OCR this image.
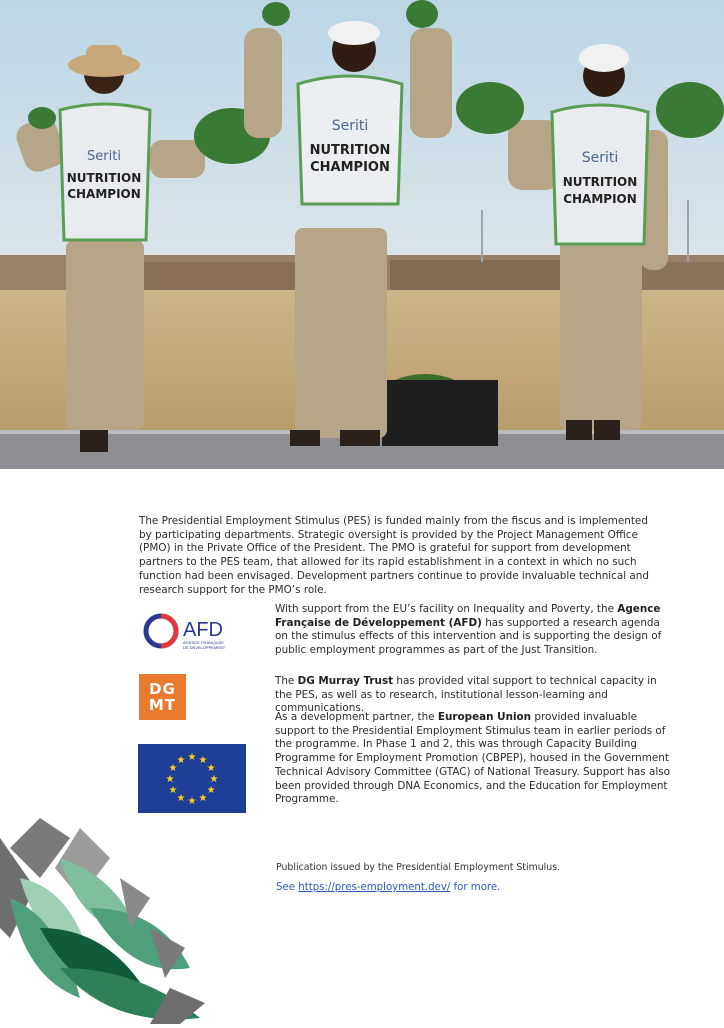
Seriti
NUTRITION
CHAMPION
Seriti
NUTRITION
CHAMPION
Seriti
NUTRITION
CHAMPION

The Presidential Employment Stimulus (PES) is funded mainly from the fiscus and is implemented by participating departments. Strategic oversight is provided by the Project Management Office (PMO) in the Private Office of the President. The PMO is grateful for support from development partners to the PES team, that allowed for its rapid establishment in a context in which no such function had been envisaged. Development partners continue to provide invaluable technical and research support for the PMO’s role.

AFD
AGENCE FRANÇAISE
DE DÉVELOPPEMENT
With support from the EU’s facility on Inequality and Poverty, the Agence Française de Développement (AFD) has supported a research agenda on the stimulus effects of this intervention and is supporting the design of public employment programmes as part of the Just Transition.
DG
MT
The DG Murray Trust has provided vital support to technical capacity in the PES, as well as to research, institutional lesson-learning and communications.
★ ★
★
★
★
★
★
★
★
★
★
★
As a development partner, the European Union provided invaluable support to the Presidential Employment Stimulus team in earlier periods of the programme. In Phase 1 and 2, this was through Capacity Building Programme for Employment Promotion (CBPEP), housed in the Government Technical Advisory Committee (GTAC) of National Treasury. Support has also been provided through DNA Economics, and the Education for Employment Programme.
Publication issued by the Presidential Employment Stimulus.
See https://pres-employment.dev/ for more.
